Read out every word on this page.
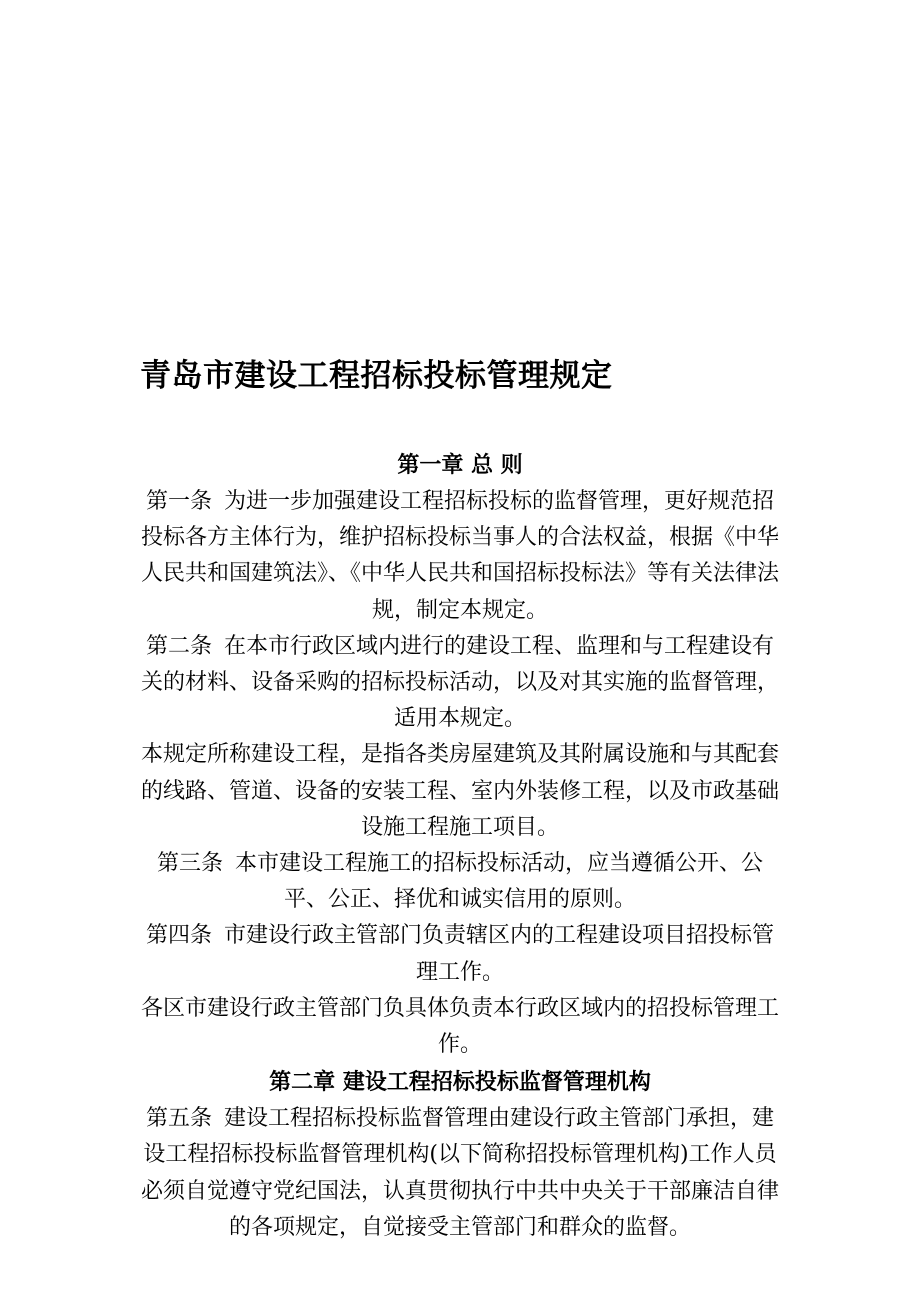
青岛市建设工程招标投标管理规定
第一章 总 则

第一条 为进一步加强建设工程招标投标的监督管理，更好规范招投标各方主体行为，维护招标投标当事人的合法权益，根据《中华人民共和国建筑法》、《中华人民共和国招标投标法》等有关法律法规，制定本规定。

第二条 在本市行政区域内进行的建设工程、监理和与工程建设有关的材料、设备采购的招标投标活动，以及对其实施的监督管理，适用本规定。

本规定所称建设工程，是指各类房屋建筑及其附属设施和与其配套的线路、管道、设备的安装工程、室内外装修工程，以及市政基础设施工程施工项目。

第三条 本市建设工程施工的招标投标活动，应当遵循公开、公平、公正、择优和诚实信用的原则。

第四条 市建设行政主管部门负责辖区内的工程建设项目招投标管理工作。

各区市建设行政主管部门负具体负责本行政区域内的招投标管理工作。

第二章 建设工程招标投标监督管理机构

第五条 建设工程招标投标监督管理由建设行政主管部门承担，建设工程招标投标监督管理机构(以下简称招投标管理机构)工作人员必须自觉遵守党纪国法，认真贯彻执行中共中央关于干部廉洁自律的各项规定，自觉接受主管部门和群众的监督。
